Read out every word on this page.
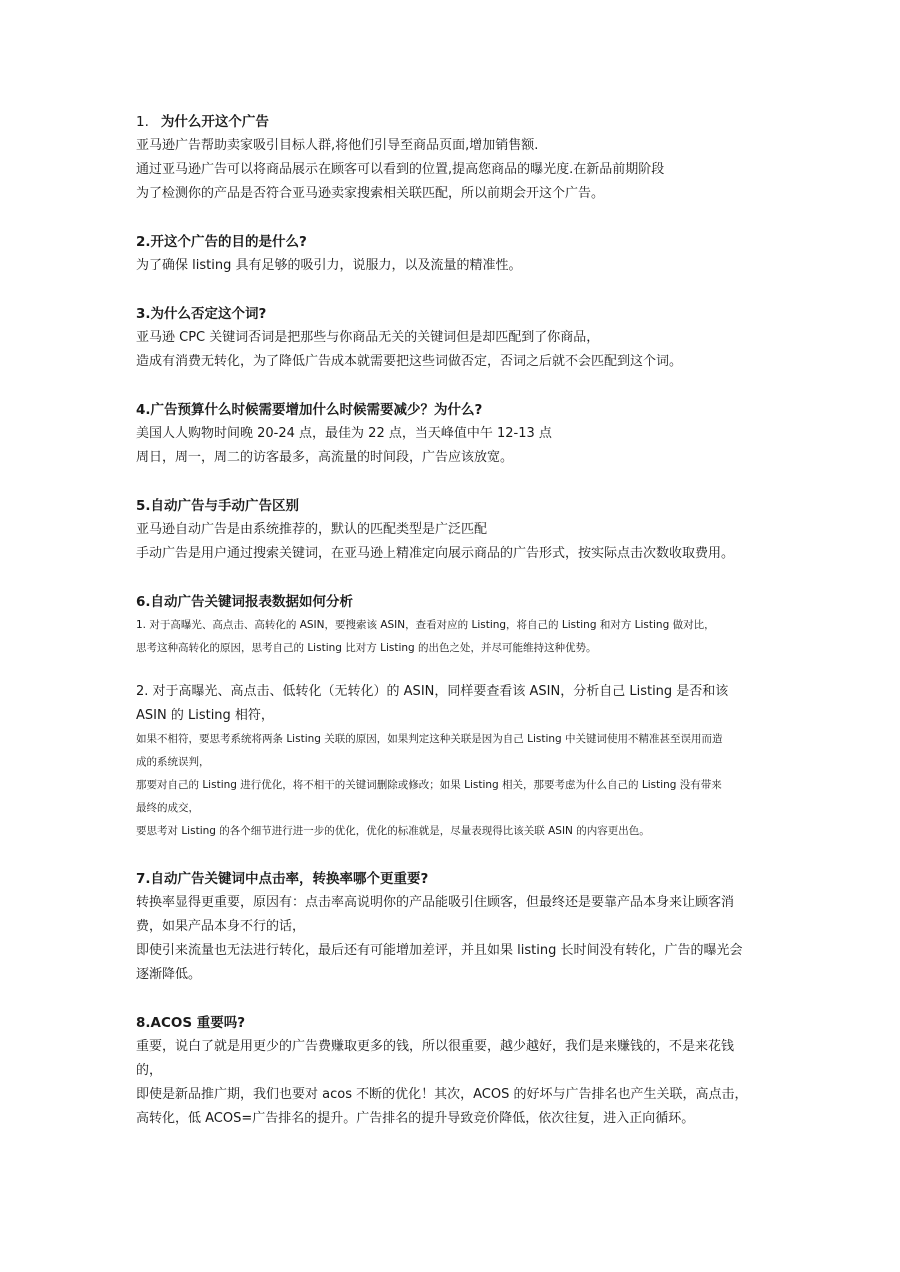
1. 为什么开这个广告

亚马逊广告帮助卖家吸引目标人群,将他们引导至商品页面,增加销售额.

通过亚马逊广告可以将商品展示在顾客可以看到的位置,提高您商品的曝光度.在新品前期阶段

为了检测你的产品是否符合亚马逊卖家搜索相关联匹配，所以前期会开这个广告。

2.开这个广告的目的是什么?

为了确保 listing 具有足够的吸引力，说服力，以及流量的精准性。

3.为什么否定这个词?

亚马逊 CPC 关键词否词是把那些与你商品无关的关键词但是却匹配到了你商品，

造成有消费无转化，为了降低广告成本就需要把这些词做否定，否词之后就不会匹配到这个词。

4.广告预算什么时候需要增加什么时候需要减少？为什么?

美国人人购物时间晚 20-24 点，最佳为 22 点，当天峰值中午 12-13 点

周日，周一，周二的访客最多，高流量的时间段，广告应该放宽。

5.自动广告与手动广告区别

亚马逊自动广告是由系统推荐的，默认的匹配类型是广泛匹配

手动广告是用户通过搜索关键词，在亚马逊上精准定向展示商品的广告形式，按实际点击次数收取费用。

6.自动广告关键词报表数据如何分析

1. 对于高曝光、高点击、高转化的 ASIN，要搜索该 ASIN，查看对应的 Listing，将自己的 Listing 和对方 Listing 做对比，

思考这种高转化的原因，思考自己的 Listing 比对方 Listing 的出色之处，并尽可能维持这种优势。

2. 对于高曝光、高点击、低转化（无转化）的 ASIN，同样要查看该 ASIN，分析自己 Listing 是否和该

ASIN 的 Listing 相符，

如果不相符，要思考系统将两条 Listing 关联的原因，如果判定这种关联是因为自己 Listing 中关键词使用不精准甚至误用而造

成的系统误判，

那要对自己的 Listing 进行优化，将不相干的关键词删除或修改；如果 Listing 相关，那要考虑为什么自己的 Listing 没有带来

最终的成交，

要思考对 Listing 的各个细节进行进一步的优化，优化的标准就是，尽量表现得比该关联 ASIN 的内容更出色。

7.自动广告关键词中点击率，转换率哪个更重要?

转换率显得更重要，原因有：点击率高说明你的产品能吸引住顾客，但最终还是要靠产品本身来让顾客消

费，如果产品本身不行的话，

即使引来流量也无法进行转化，最后还有可能增加差评，并且如果 listing 长时间没有转化，广告的曝光会

逐渐降低。

8.ACOS 重要吗?

重要，说白了就是用更少的广告费赚取更多的钱，所以很重要，越少越好，我们是来赚钱的，不是来花钱

的，

即使是新品推广期，我们也要对 acos 不断的优化！其次，ACOS 的好坏与广告排名也产生关联，高点击，

高转化，低 ACOS=广告排名的提升。广告排名的提升导致竞价降低，依次往复，进入正向循环。
